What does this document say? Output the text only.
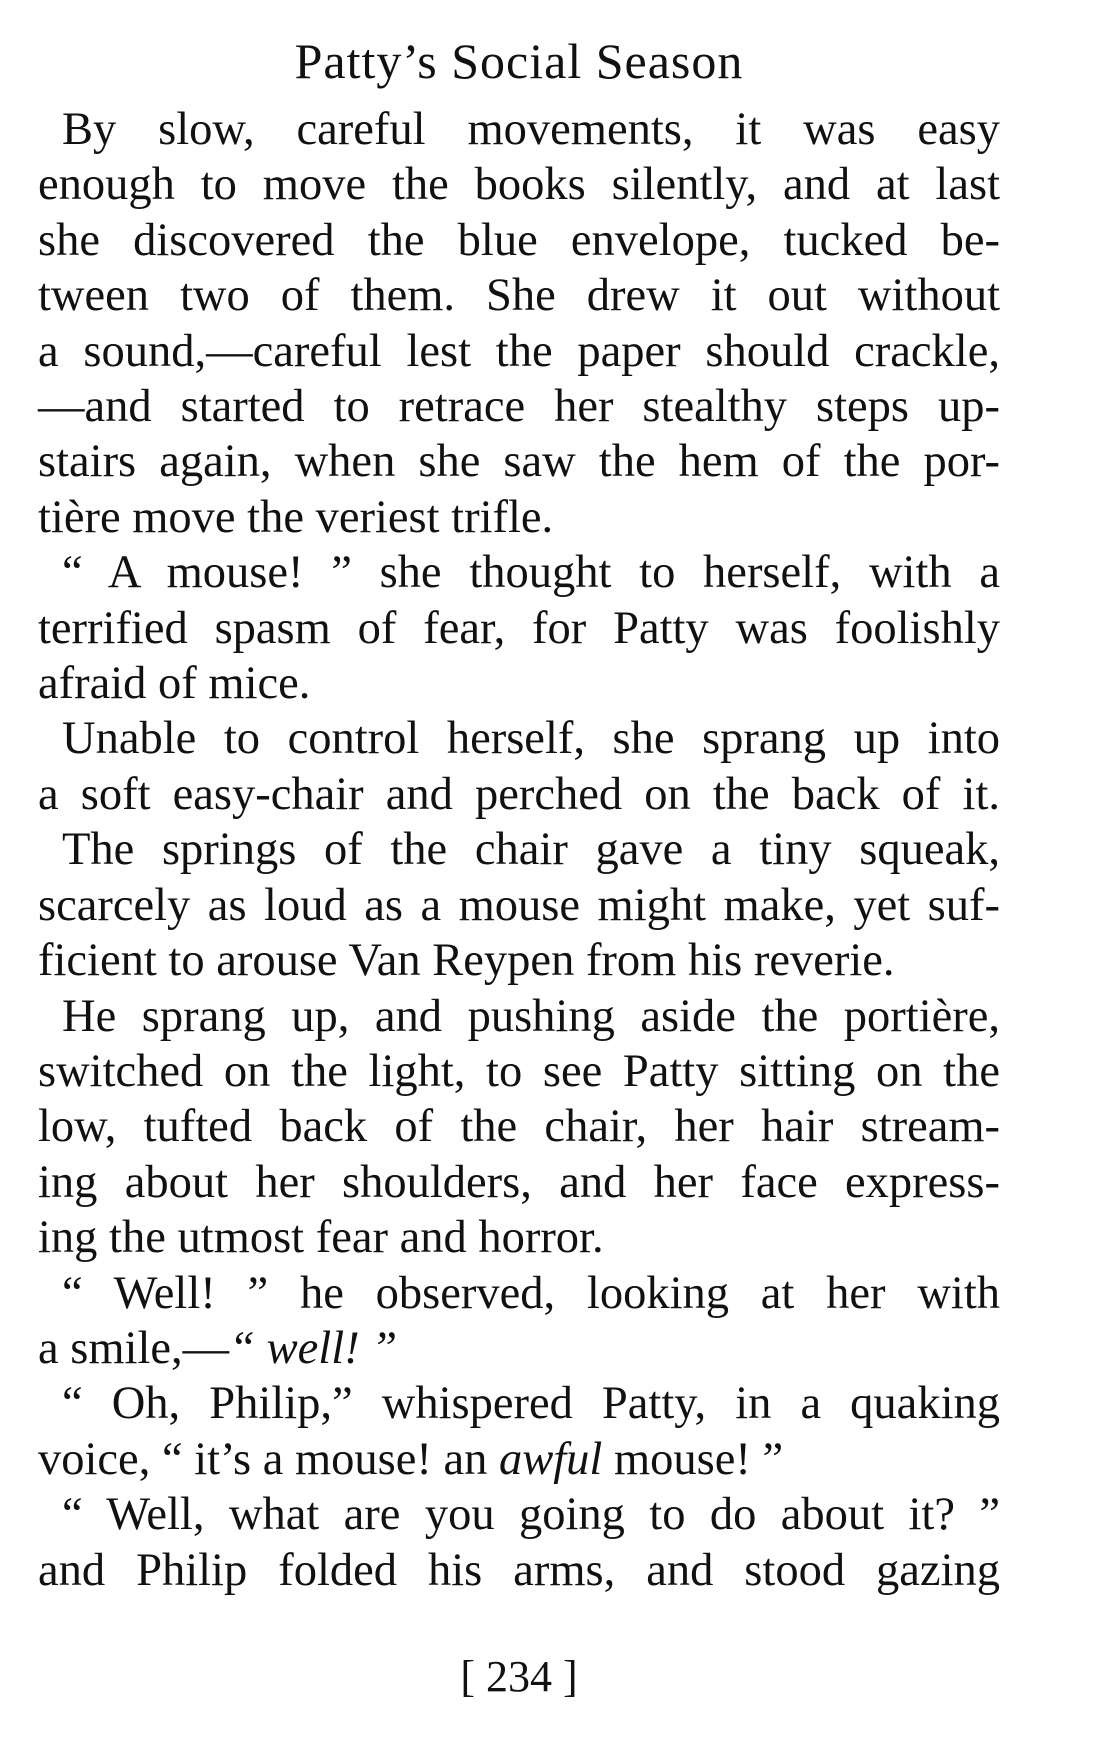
Patty’s Social Season
By slow, careful movements, it was easy
enough to move the books silently, and at last
she discovered the blue envelope, tucked be-
tween two of them. She drew it out without
a sound,—careful lest the paper should crackle,
—and started to retrace her stealthy steps up-
stairs again, when she saw the hem of the por-
tière move the veriest trifle.
“ A mouse! ” she thought to herself, with a
terrified spasm of fear, for Patty was foolishly
afraid of mice.
Unable to control herself, she sprang up into
a soft easy-chair and perched on the back of it.
The springs of the chair gave a tiny squeak,
scarcely as loud as a mouse might make, yet suf-
ficient to arouse Van Reypen from his reverie.
He sprang up, and pushing aside the portière,
switched on the light, to see Patty sitting on the
low, tufted back of the chair, her hair stream-
ing about her shoulders, and her face express-
ing the utmost fear and horror.
“ Well! ” he observed, looking at her with
a smile,—“ well! ”
“ Oh, Philip,” whispered Patty, in a quaking
voice, “ it’s a mouse! an awful mouse! ”
“ Well, what are you going to do about it? ”
and Philip folded his arms, and stood gazing
[ 234 ]
